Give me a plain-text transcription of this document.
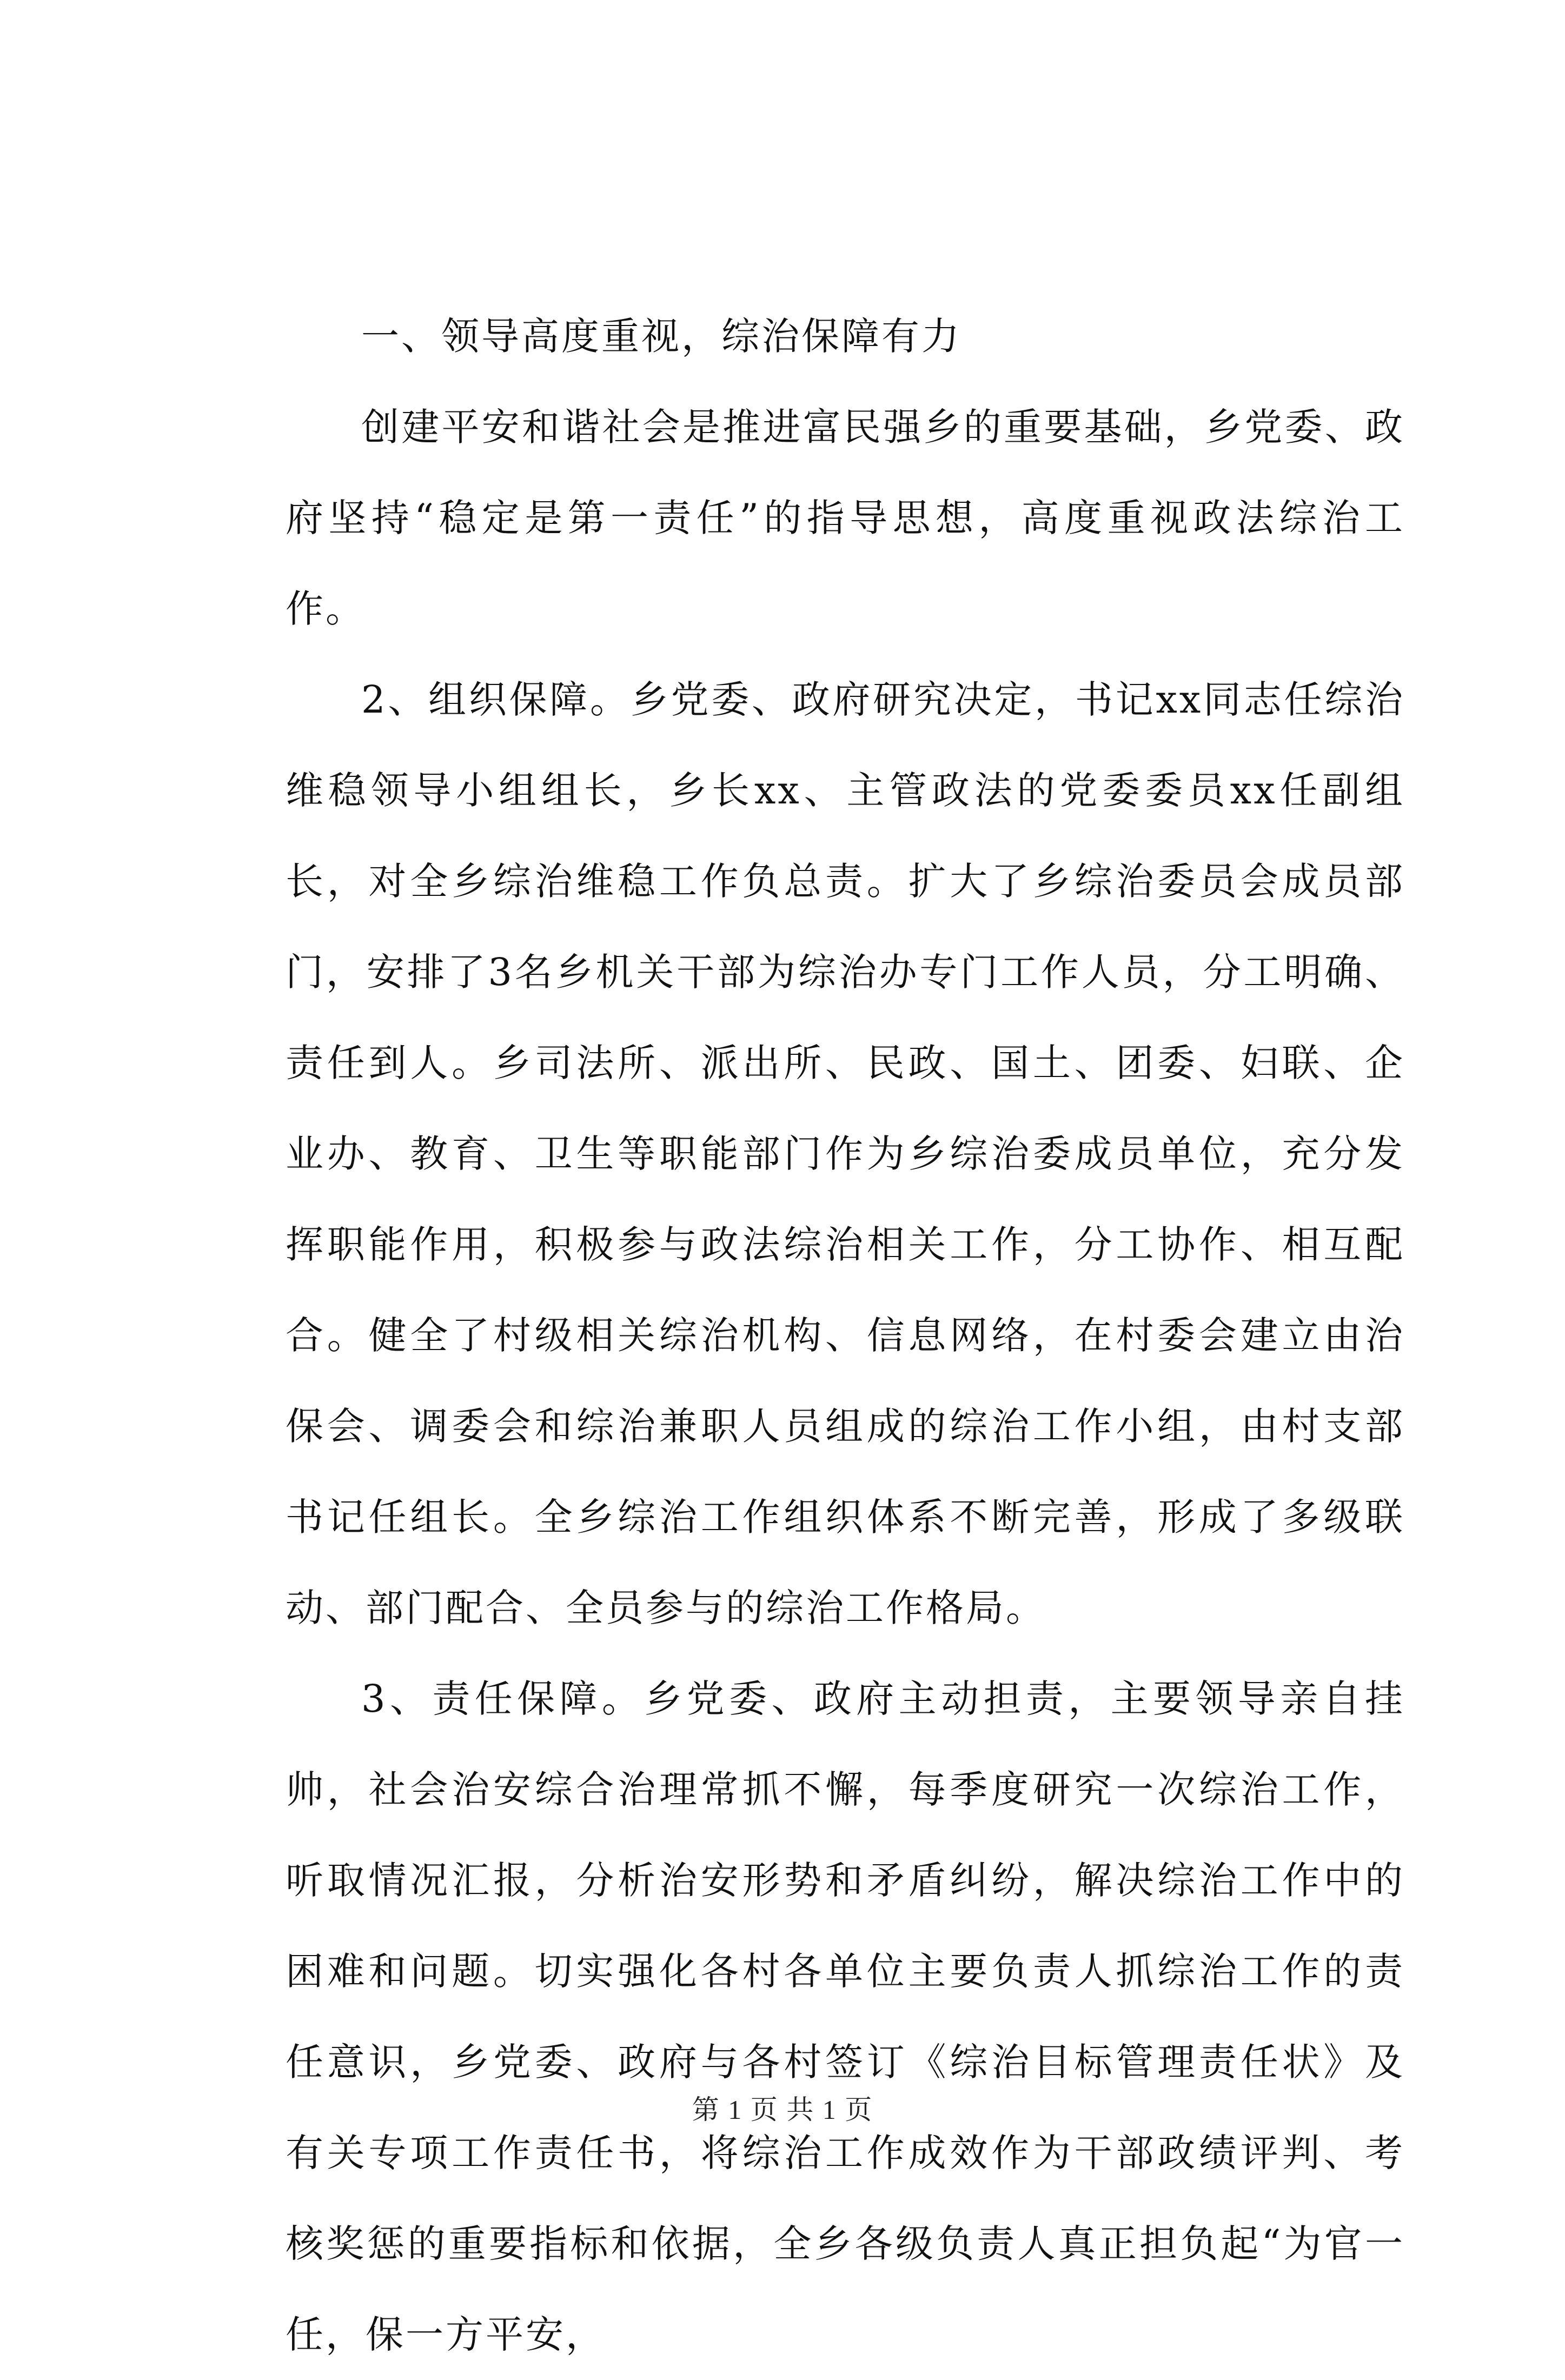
一、领导高度重视，综治保障有力

创建平安和谐社会是推进富民强乡的重要基础，乡党委、政府坚持“稳定是第一责任”的指导思想，高度重视政法综治工作。

2、组织保障。乡党委、政府研究决定，书记xx同志任综治维稳领导小组组长，乡长xx、主管政法的党委委员xx任副组长，对全乡综治维稳工作负总责。扩大了乡综治委员会成员部门，安排了3名乡机关干部为综治办专门工作人员，分工明确、责任到人。乡司法所、派出所、民政、国土、团委、妇联、企业办、教育、卫生等职能部门作为乡综治委成员单位，充分发挥职能作用，积极参与政法综治相关工作，分工协作、相互配合。健全了村级相关综治机构、信息网络，在村委会建立由治保会、调委会和综治兼职人员组成的综治工作小组，由村支部书记任组长。全乡综治工作组织体系不断完善，形成了多级联动、部门配合、全员参与的综治工作格局。

3、责任保障。乡党委、政府主动担责，主要领导亲自挂帅，社会治安综合治理常抓不懈，每季度研究一次综治工作，听取情况汇报，分析治安形势和矛盾纠纷，解决综治工作中的困难和问题。切实强化各村各单位主要负责人抓综治工作的责任意识，乡党委、政府与各村签订《综治目标管理责任状》及有关专项工作责任书，将综治工作成效作为干部政绩评判、考核奖惩的重要指标和依据，全乡各级负责人真正担负起“为官一任，保一方平安，

第 1 页 共 1 页
